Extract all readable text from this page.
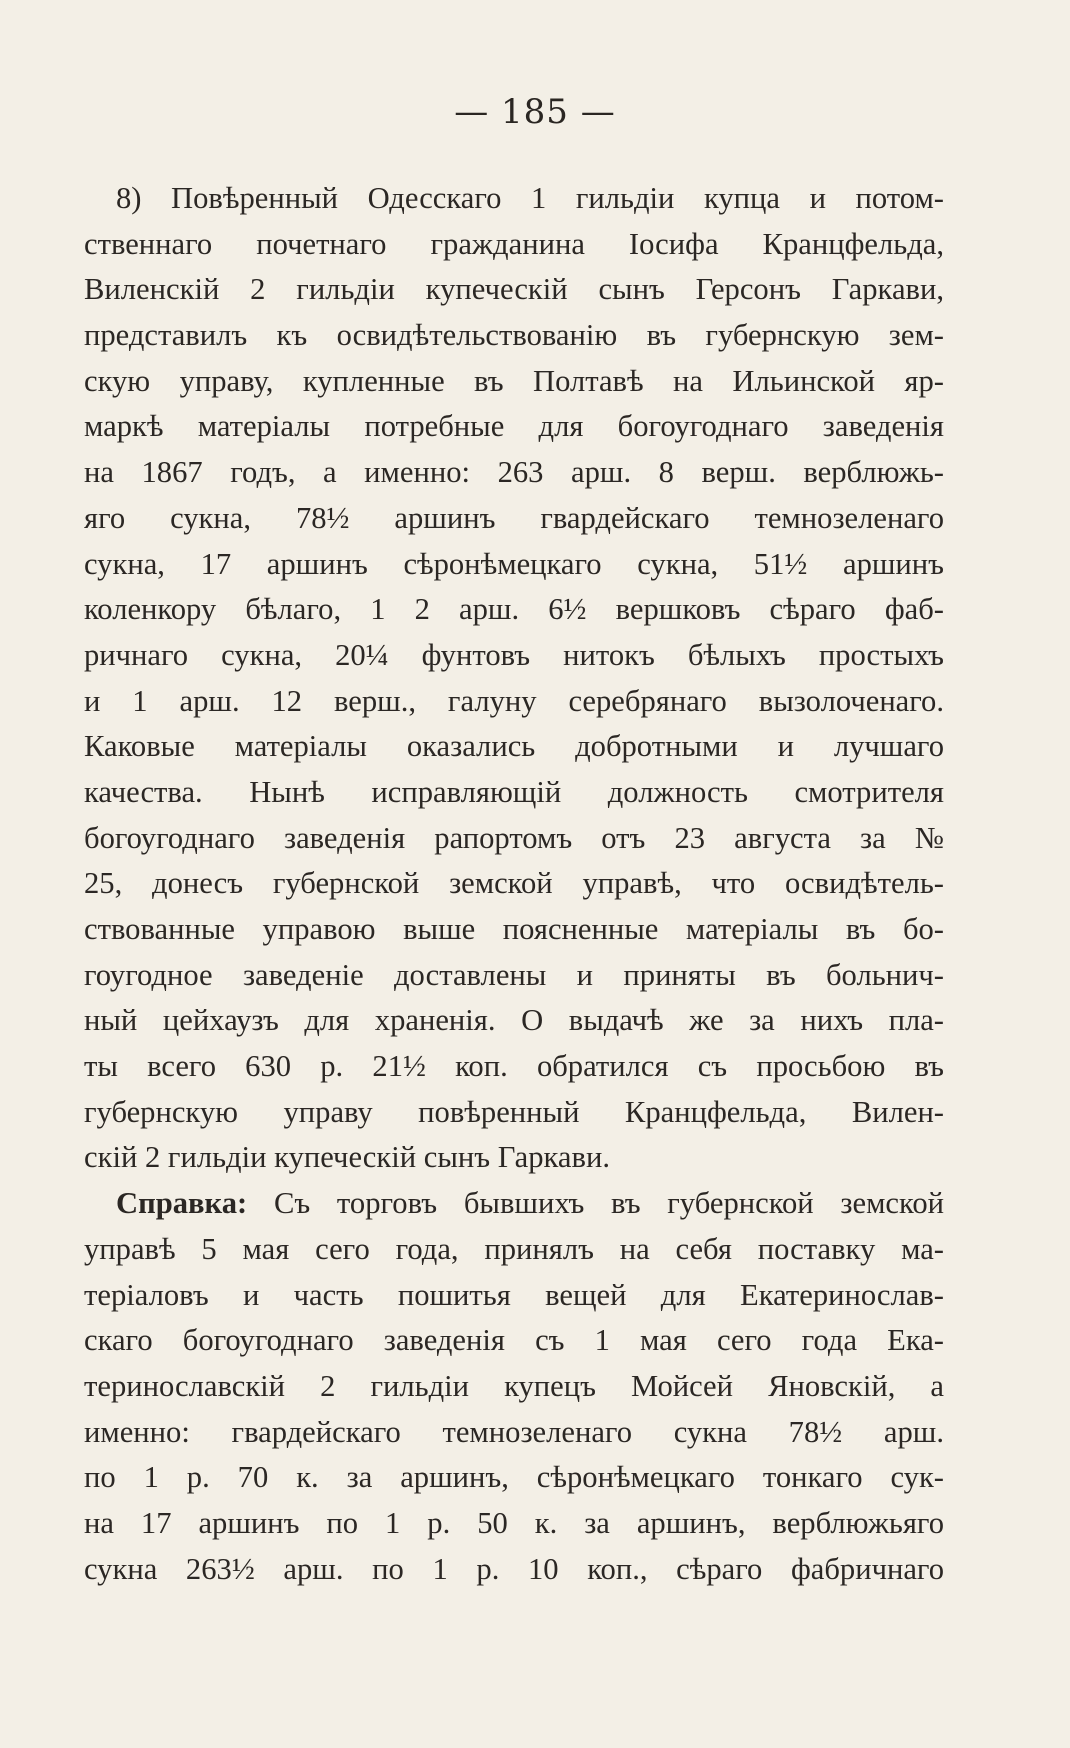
— 185 —
8) Повѣренный Одесскаго 1 гильдіи купца и потом-
ственнаго почетнаго гражданина Іосифа Кранцфельда,
Виленскій 2 гильдіи купеческій сынъ Герсонъ Гаркави,
представилъ къ освидѣтельствованію въ губернскую зем-
скую управу, купленные въ Полтавѣ на Ильинской яр-
маркѣ матеріалы потребные для богоугоднаго заведенія
на 1867 годъ, а именно: 263 арш. 8 верш. верблюжь-
яго сукна, 78½ аршинъ гвардейскаго темнозеленаго
сукна, 17 аршинъ сѣронѣмецкаго сукна, 51½ аршинъ
коленкору бѣлаго, 1 2 арш. 6½ вершковъ сѣраго фаб-
ричнаго сукна, 20¼ фунтовъ нитокъ бѣлыхъ простыхъ
и 1 арш. 12 верш., галуну серебрянаго вызолоченаго.
Каковые матеріалы оказались добротными и лучшаго
качества. Нынѣ исправляющій должность смотрителя
богоугоднаго заведенія рапортомъ отъ 23 августа за №
25, донесъ губернской земской управѣ, что освидѣтель-
ствованные управою выше поясненные матеріалы въ бо-
гоугодное заведеніе доставлены и приняты въ больнич-
ный цейхаузъ для храненія. О выдачѣ же за нихъ пла-
ты всего 630 р. 21½ коп. обратился съ просьбою въ
губернскую управу повѣренный Кранцфельда, Вилен-
скій 2 гильдіи купеческій сынъ Гаркави.
Справка: Съ торговъ бывшихъ въ губернской земской
управѣ 5 мая сего года, принялъ на себя поставку ма-
теріаловъ и часть пошитья вещей для Екатеринослав-
скаго богоугоднаго заведенія съ 1 мая сего года Ека-
теринославскій 2 гильдіи купецъ Мойсей Яновскій, а
именно: гвардейскаго темнозеленаго сукна 78½ арш.
по 1 р. 70 к. за аршинъ, сѣронѣмецкаго тонкаго сук-
на 17 аршинъ по 1 р. 50 к. за аршинъ, верблюжьяго
сукна 263½ арш. по 1 р. 10 коп., сѣраго фабричнаго
